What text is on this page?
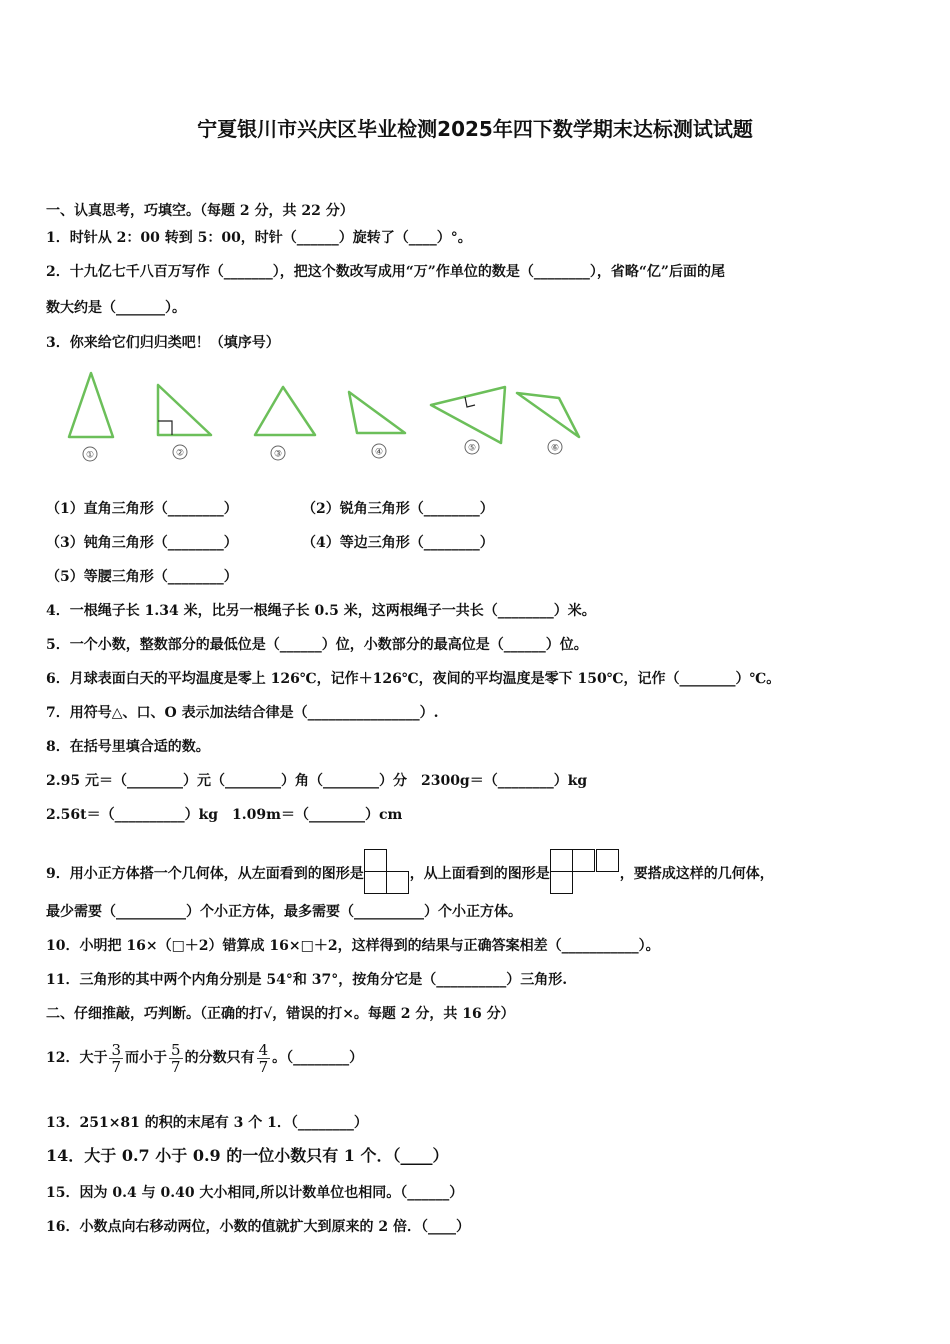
宁夏银川市兴庆区毕业检测2025年四下数学期末达标测试试题
一、认真思考，巧填空。（每题 2 分，共 22 分）
1．时针从 2：00 转到 5：00，时针（______）旋转了（____）°。
2．十九亿七千八百万写作（_______），把这个数改写成用“万”作单位的数是（________），省略“亿”后面的尾
数大约是（_______）。
3．你来给它们归归类吧！（填序号）
①	②	③	④	⑤	⑥
（1）直角三角形（________）	（2）锐角三角形（________）
（3）钝角三角形（________）	（4）等边三角形（________）
（5）等腰三角形（________）
4．一根绳子长 1.34 米，比另一根绳子长 0.5 米，这两根绳子一共长（________）米。
5．一个小数，整数部分的最低位是（______）位，小数部分的最高位是（______）位。
6．月球表面白天的平均温度是零上 126℃，记作＋126℃，夜间的平均温度是零下 150℃，记作（________）℃。
7．用符号△、口、O 表示加法结合律是（________________）.
8．在括号里填合适的数。
2.95 元＝（________）元（________）角（________）分　2300g＝（________）kg
2.56t＝（__________）kg　1.09m＝（________）cm
9．用小正方体搭一个几何体，从左面看到的图形是	，从上面看到的图形是	，要搭成这样的几何体，
最少需要（__________）个小正方体，最多需要（__________）个小正方体。
10．小明把 16×（□＋2）错算成 16×□＋2，这样得到的结果与正确答案相差（___________）。
11．三角形的其中两个内角分别是 54°和 37°，按角分它是（__________）三角形.
二、仔细推敲，巧判断。（正确的打√，错误的打×。每题 2 分，共 16 分）
12．大于 $\frac{3}{7}$ 而小于 $\frac{5}{7}$ 的分数只有 $\frac{4}{7}$ 。（________）
13．251×81 的积的末尾有 3 个 1．（________）
14．大于 0.7 小于 0.9 的一位小数只有 1 个．（____）
15．因为 0.4 与 0.40 大小相同,所以计数单位也相同。（______）
16．小数点向右移动两位，小数的值就扩大到原来的 2 倍．（____）
